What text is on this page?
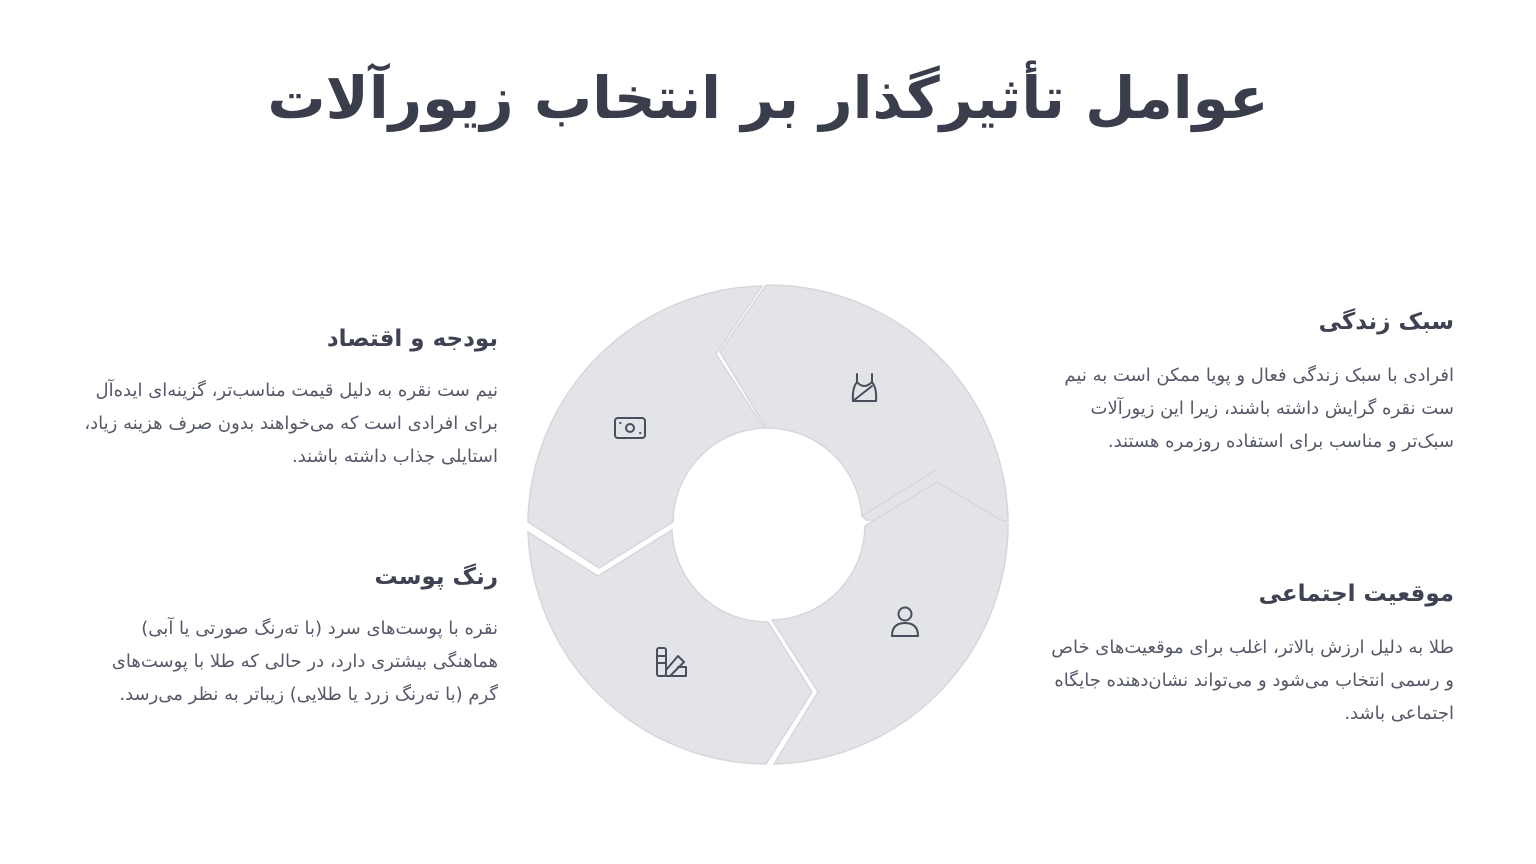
عوامل تأثیرگذار بر انتخاب زیورآلات
سبک زندگی

افرادی با سبک زندگی فعال و پویا ممکن است به نیم ست نقره گرایش داشته باشند، زیرا این زیورآلات سبک‌تر و مناسب برای استفاده روزمره هستند.

موقعیت اجتماعی

طلا به دلیل ارزش بالاتر، اغلب برای موقعیت‌های خاص و رسمی انتخاب می‌شود و می‌تواند نشان‌دهنده جایگاه اجتماعی باشد.

بودجه و اقتصاد

نیم ست نقره به دلیل قیمت مناسب‌تر، گزینه‌ای ایده‌آل برای افرادی است که می‌خواهند بدون صرف هزینه زیاد، استایلی جذاب داشته باشند.

رنگ پوست

نقره با پوست‌های سرد (با ته‌رنگ صورتی یا آبی) هماهنگی بیشتری دارد، در حالی که طلا با پوست‌های گرم (با ته‌رنگ زرد یا طلایی) زیباتر به نظر می‌رسد.
